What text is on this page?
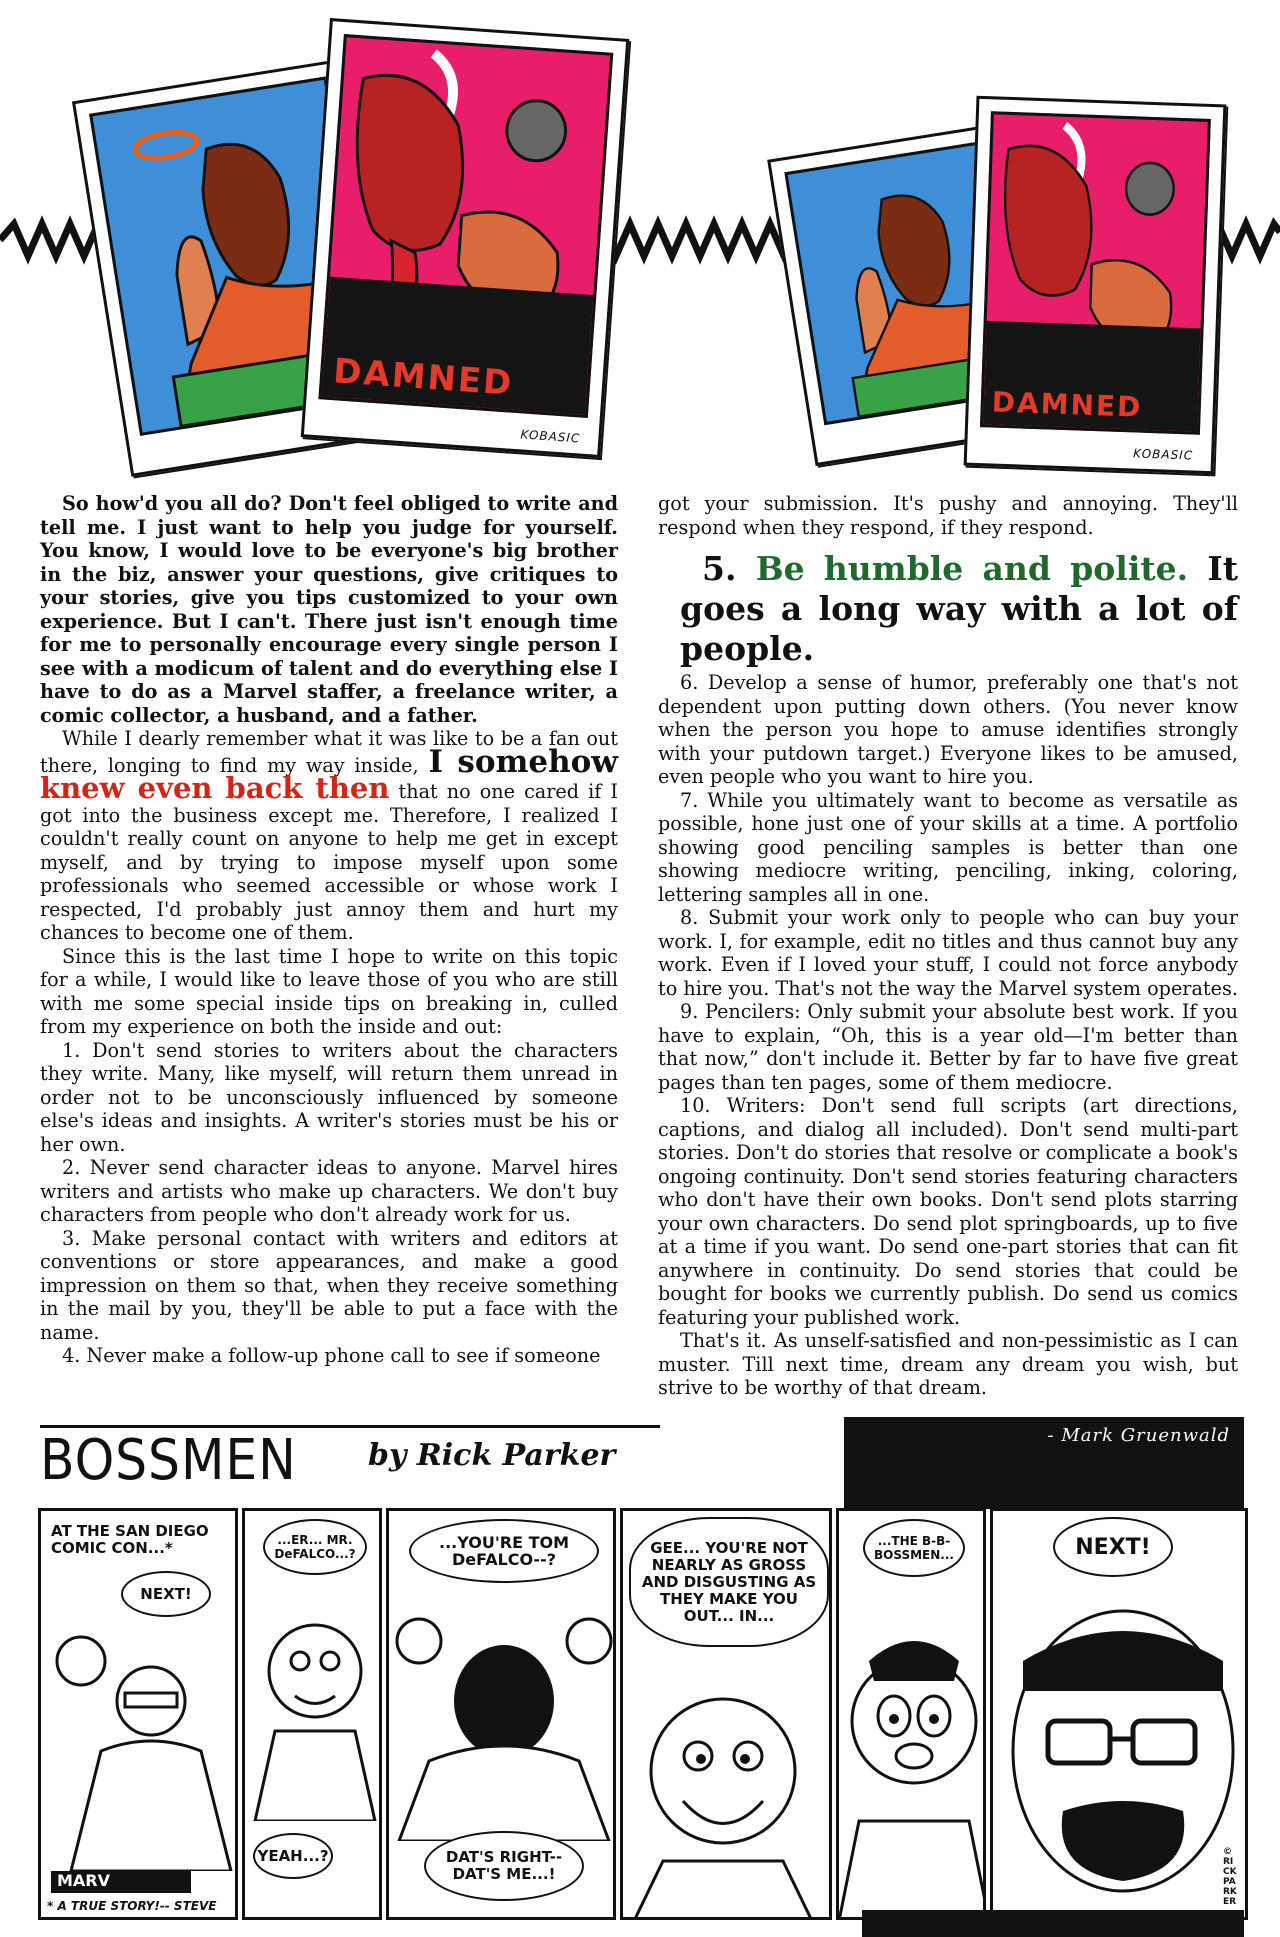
DAMNED
KOBASIC
DAMNED
KOBASIC

So how'd you all do? Don't feel obliged to write and tell me. I just want to help you judge for yourself. You know, I would love to be everyone's big brother in the biz, answer your questions, give critiques to your stories, give you tips customized to your own experience. But I can't. There just isn't enough time for me to personally encourage every single person I see with a modicum of talent and do everything else I have to do as a Marvel staffer, a freelance writer, a comic collector, a husband, and a father.

While I dearly remember what it was like to be a fan out there, longing to find my way inside, I somehow knew even back then that no one cared if I got into the business except me. Therefore, I realized I couldn't really count on anyone to help me get in except myself, and by trying to impose myself upon some professionals who seemed accessible or whose work I respected, I'd probably just annoy them and hurt my chances to become one of them.

Since this is the last time I hope to write on this topic for a while, I would like to leave those of you who are still with me some special inside tips on breaking in, culled from my experience on both the inside and out:

1. Don't send stories to writers about the characters they write. Many, like myself, will return them unread in order not to be unconsciously influenced by someone else's ideas and insights. A writer's stories must be his or her own.

2. Never send character ideas to anyone. Marvel hires writers and artists who make up characters. We don't buy characters from people who don't already work for us.

3. Make personal contact with writers and editors at conventions or store appearances, and make a good impression on them so that, when they receive something in the mail by you, they'll be able to put a face with the name.

4. Never make a follow-up phone call to see if someone

got your submission. It's pushy and annoying. They'll respond when they respond, if they respond.

5. Be humble and polite. It goes a long way with a lot of people.

6. Develop a sense of humor, preferably one that's not dependent upon putting down others. (You never know when the person you hope to amuse identifies strongly with your putdown target.) Everyone likes to be amused, even people who you want to hire you.

7. While you ultimately want to become as versatile as possible, hone just one of your skills at a time. A portfolio showing good penciling samples is better than one showing mediocre writing, penciling, inking, coloring, lettering samples all in one.

8. Submit your work only to people who can buy your work. I, for example, edit no titles and thus cannot buy any work. Even if I loved your stuff, I could not force anybody to hire you. That's not the way the Marvel system operates.

9. Pencilers: Only submit your absolute best work. If you have to explain, “Oh, this is a year old—I'm better than that now,” don't include it. Better by far to have five great pages than ten pages, some of them mediocre.

10. Writers: Don't send full scripts (art directions, captions, and dialog all included). Don't send multi-part stories. Don't do stories that resolve or complicate a book's ongoing continuity. Don't send stories featuring characters who don't have their own books. Don't send plots starring your own characters. Do send plot springboards, up to five at a time if you want. Do send one-part stories that can fit anywhere in continuity. Do send stories that could be bought for books we currently publish. Do send us comics featuring your published work.

That's it. As unself-satisfied and non-pessimistic as I can muster. Till next time, dream any dream you wish, but strive to be worthy of that dream.

- Mark Gruenwald
BOSSMEN by Rick Parker
AT THE SAN DIEGO COMIC CON...*
NEXT!
MARV
* A TRUE STORY!-- STEVE
...ER... MR. DeFALCO...?
YEAH...?
...YOU'RE TOM DeFALCO--?
DAT'S RIGHT-- DAT'S ME...!
GEE... YOU'RE NOT NEARLY AS GROSS AND DISGUSTING AS THEY MAKE YOU OUT... IN...
...THE B-B- BOSSMEN...	NEXT!
© RICK PARKER
